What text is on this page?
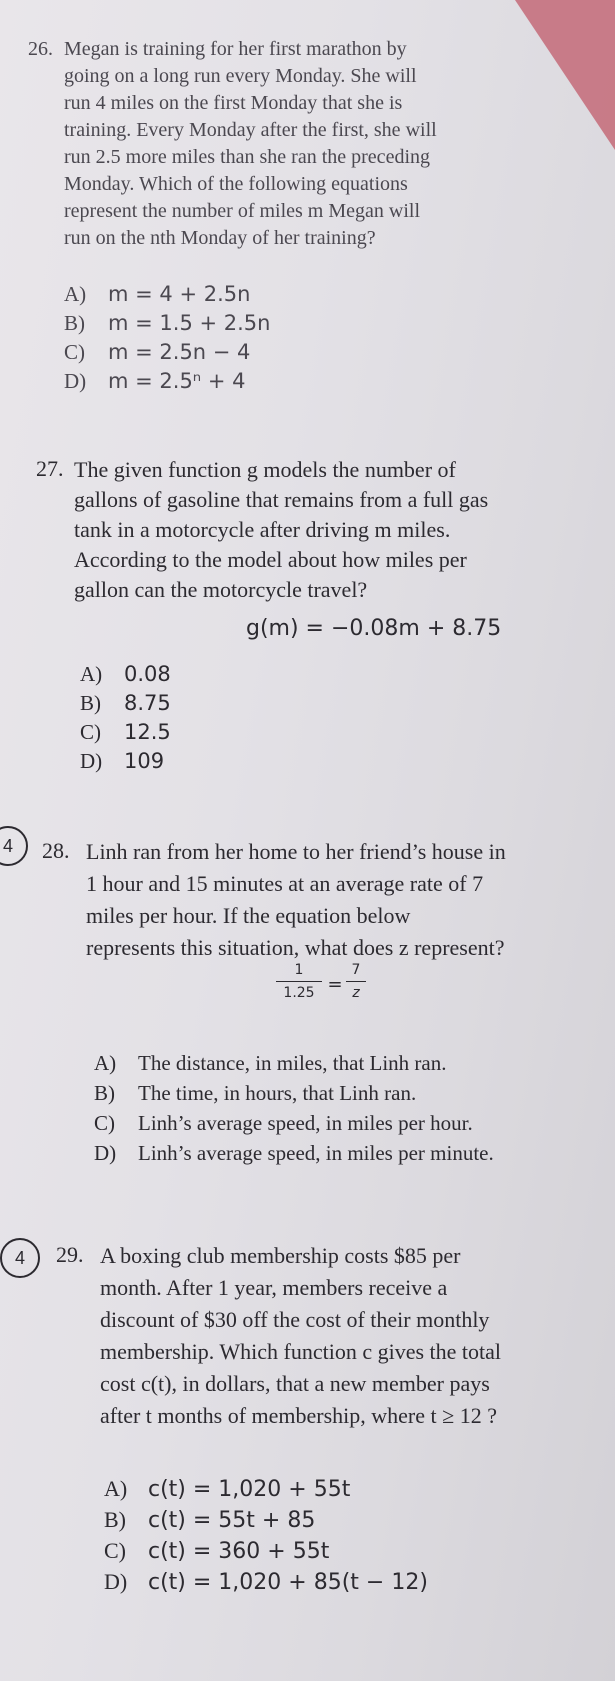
26. Megan is training for her first marathon by
going on a long run every Monday. She will
run 4 miles on the first Monday that she is
training. Every Monday after the first, she will
run 2.5 more miles than she ran the preceding
Monday. Which of the following equations
represent the number of miles m Megan will
run on the nth Monday of her training?
A) m = 4 + 2.5n
B) m = 1.5 + 2.5n
C) m = 2.5n − 4
D) m = 2.5ⁿ + 4
27. The given function g models the number of
gallons of gasoline that remains from a full gas
tank in a motorcycle after driving m miles.
According to the model about how miles per
gallon can the motorcycle travel?
g(m) = −0.08m + 8.75
A) 0.08
B) 8.75
C) 12.5
D) 109
4	28. Linh ran from her home to her friend’s house in
1 hour and 15 minutes at an average rate of 7
miles per hour. If the equation below
represents this situation, what does z represent?
1
1.25 =
7
z
A) The distance, in miles, that Linh ran.
B) The time, in hours, that Linh ran.
C) Linh’s average speed, in miles per hour.
D) Linh’s average speed, in miles per minute.
4	29. A boxing club membership costs $85 per
month. After 1 year, members receive a
discount of $30 off the cost of their monthly
membership. Which function c gives the total
cost c(t), in dollars, that a new member pays
after t months of membership, where t ≥ 12 ?
A) c(t) = 1,020 + 55t
B) c(t) = 55t + 85
C) c(t) = 360 + 55t
D) c(t) = 1,020 + 85(t − 12)
